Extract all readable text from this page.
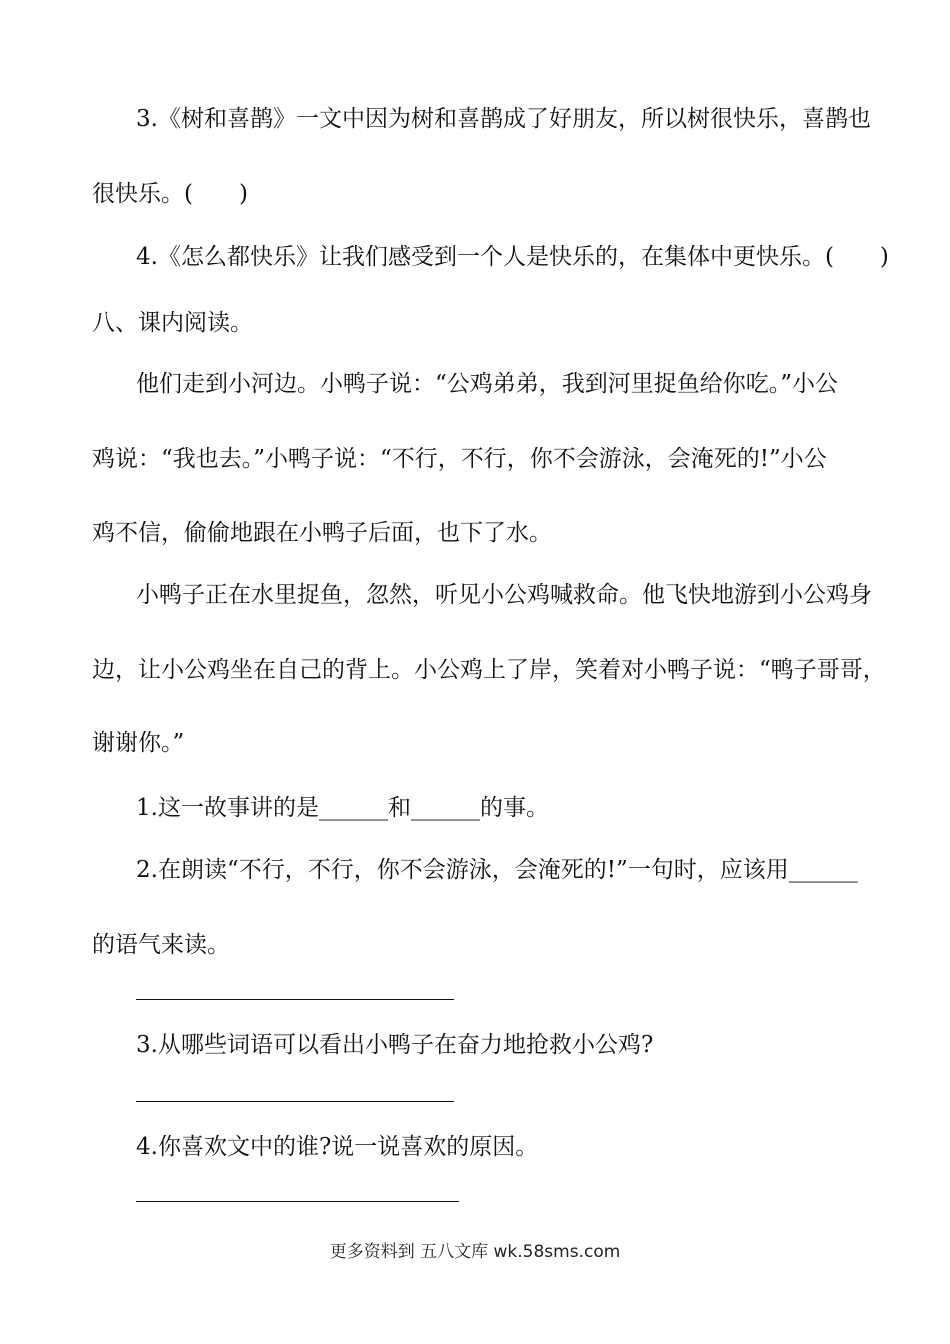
3.《树和喜鹊》一文中因为树和喜鹊成了好朋友，所以树很快乐，喜鹊也
很快乐。(　　)
4.《怎么都快乐》让我们感受到一个人是快乐的，在集体中更快乐。(　　)
八、课内阅读。
他们走到小河边。小鸭子说：“公鸡弟弟，我到河里捉鱼给你吃。”小公
鸡说：“我也去。”小鸭子说：“不行，不行，你不会游泳，会淹死的!”小公
鸡不信，偷偷地跟在小鸭子后面，也下了水。
小鸭子正在水里捉鱼，忽然，听见小公鸡喊救命。他飞快地游到小公鸡身
边，让小公鸡坐在自己的背上。小公鸡上了岸，笑着对小鸭子说：“鸭子哥哥，
谢谢你。”
1.这一故事讲的是______和______的事。
2.在朗读“不行，不行，你不会游泳，会淹死的!”一句时，应该用______
的语气来读。
3.从哪些词语可以看出小鸭子在奋力地抢救小公鸡?
4.你喜欢文中的谁?说一说喜欢的原因。
更多资料到 五八文库 wk.58sms.com
